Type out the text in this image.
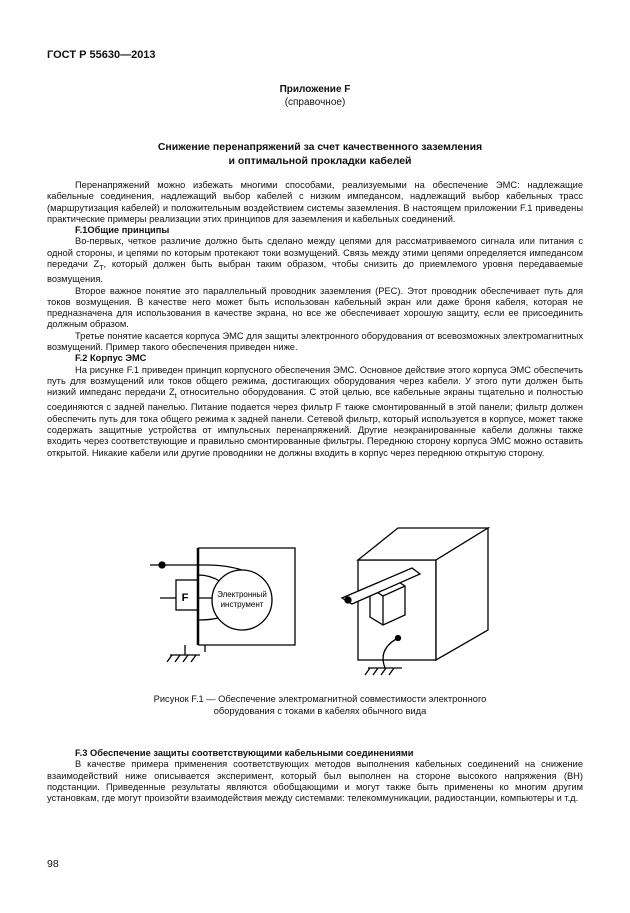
ГОСТ Р 55630—2013
Приложение F
(справочное)
Снижение перенапряжений за счет качественного заземления
и оптимальной прокладки кабелей

Перенапряжений можно избежать многими способами, реализуемыми на обеспечение ЭМС: надлежащие кабельные соединения, надлежащий выбор кабелей с низким импедансом, надлежащий выбор кабельных трасс (маршрутизация кабелей) и положительным воздействием системы заземления. В настоящем приложении F.1 приведены практические примеры реализации этих принципов для заземления и кабельных соединений.

F.1Общие принципы

Во-первых, четкое различие должно быть сделано между цепями для рассматриваемого сигнала или питания с одной стороны, и цепями по которым протекают токи возмущений. Связь между этими цепями определяется импедансом передачи $Z_T$, который должен быть выбран таким образом, чтобы снизить до приемлемого уровня передаваемые возмущения.

Второе важное понятие это параллельный проводник заземления (PEC). Этот проводник обеспечивает путь для токов возмущения. В качестве него может быть использован кабельный экран или даже броня кабеля, которая не предназначена для использования в качестве экрана, но все же обеспечивает хорошую защиту, если ее присоединить должным образом.

Третье понятие касается корпуса ЭМС для защиты электронного оборудования от всевозможных электромагнитных возмущений. Пример такого обеспечения приведен ниже.

F.2 Корпус ЭМС

На рисунке F.1 приведен принцип корпусного обеспечения ЭМС. Основное действие этого корпуса ЭМС обеспечить путь для возмущений или токов общего режима, достигающих оборудования через кабели. У этого пути должен быть низкий импеданс передачи $Z_t$ относительно оборудования. С этой целью, все кабельные экраны тщательно и полностью соединяются с задней панелью. Питание подается через фильтр F также смонтированный в этой панели; фильтр должен обеспечить путь для тока общего режима к задней панели. Сетевой фильтр, который используется в корпусе, может также содержать защитные устройства от импульсных перенапряжений. Другие неэкранированные кабели должны также входить через соответствующие и правильно смонтированные фильтры. Переднюю сторону корпуса ЭМС можно оставить открытой. Никакие кабели или другие проводники не должны входить в корпус через переднюю открытую сторону.

F	Электронный
инструмент
Рисунок F.1 — Обеспечение электромагнитной совместимости электронного
оборудования с токами в кабелях обычного вида

F.3 Обеспечение защиты соответствующими кабельными соединениями

В качестве примера применения соответствующих методов выполнения кабельных соединений на снижение взаимодействий ниже описывается эксперимент, который был выполнен на стороне высокого напряжения (ВН) подстанции. Приведенные результаты являются обобщающими и могут также быть применены ко многим другим установкам, где могут произойти взаимодействия между системами: телекоммуникации, радиостанции, компьютеры и т.д.

98
